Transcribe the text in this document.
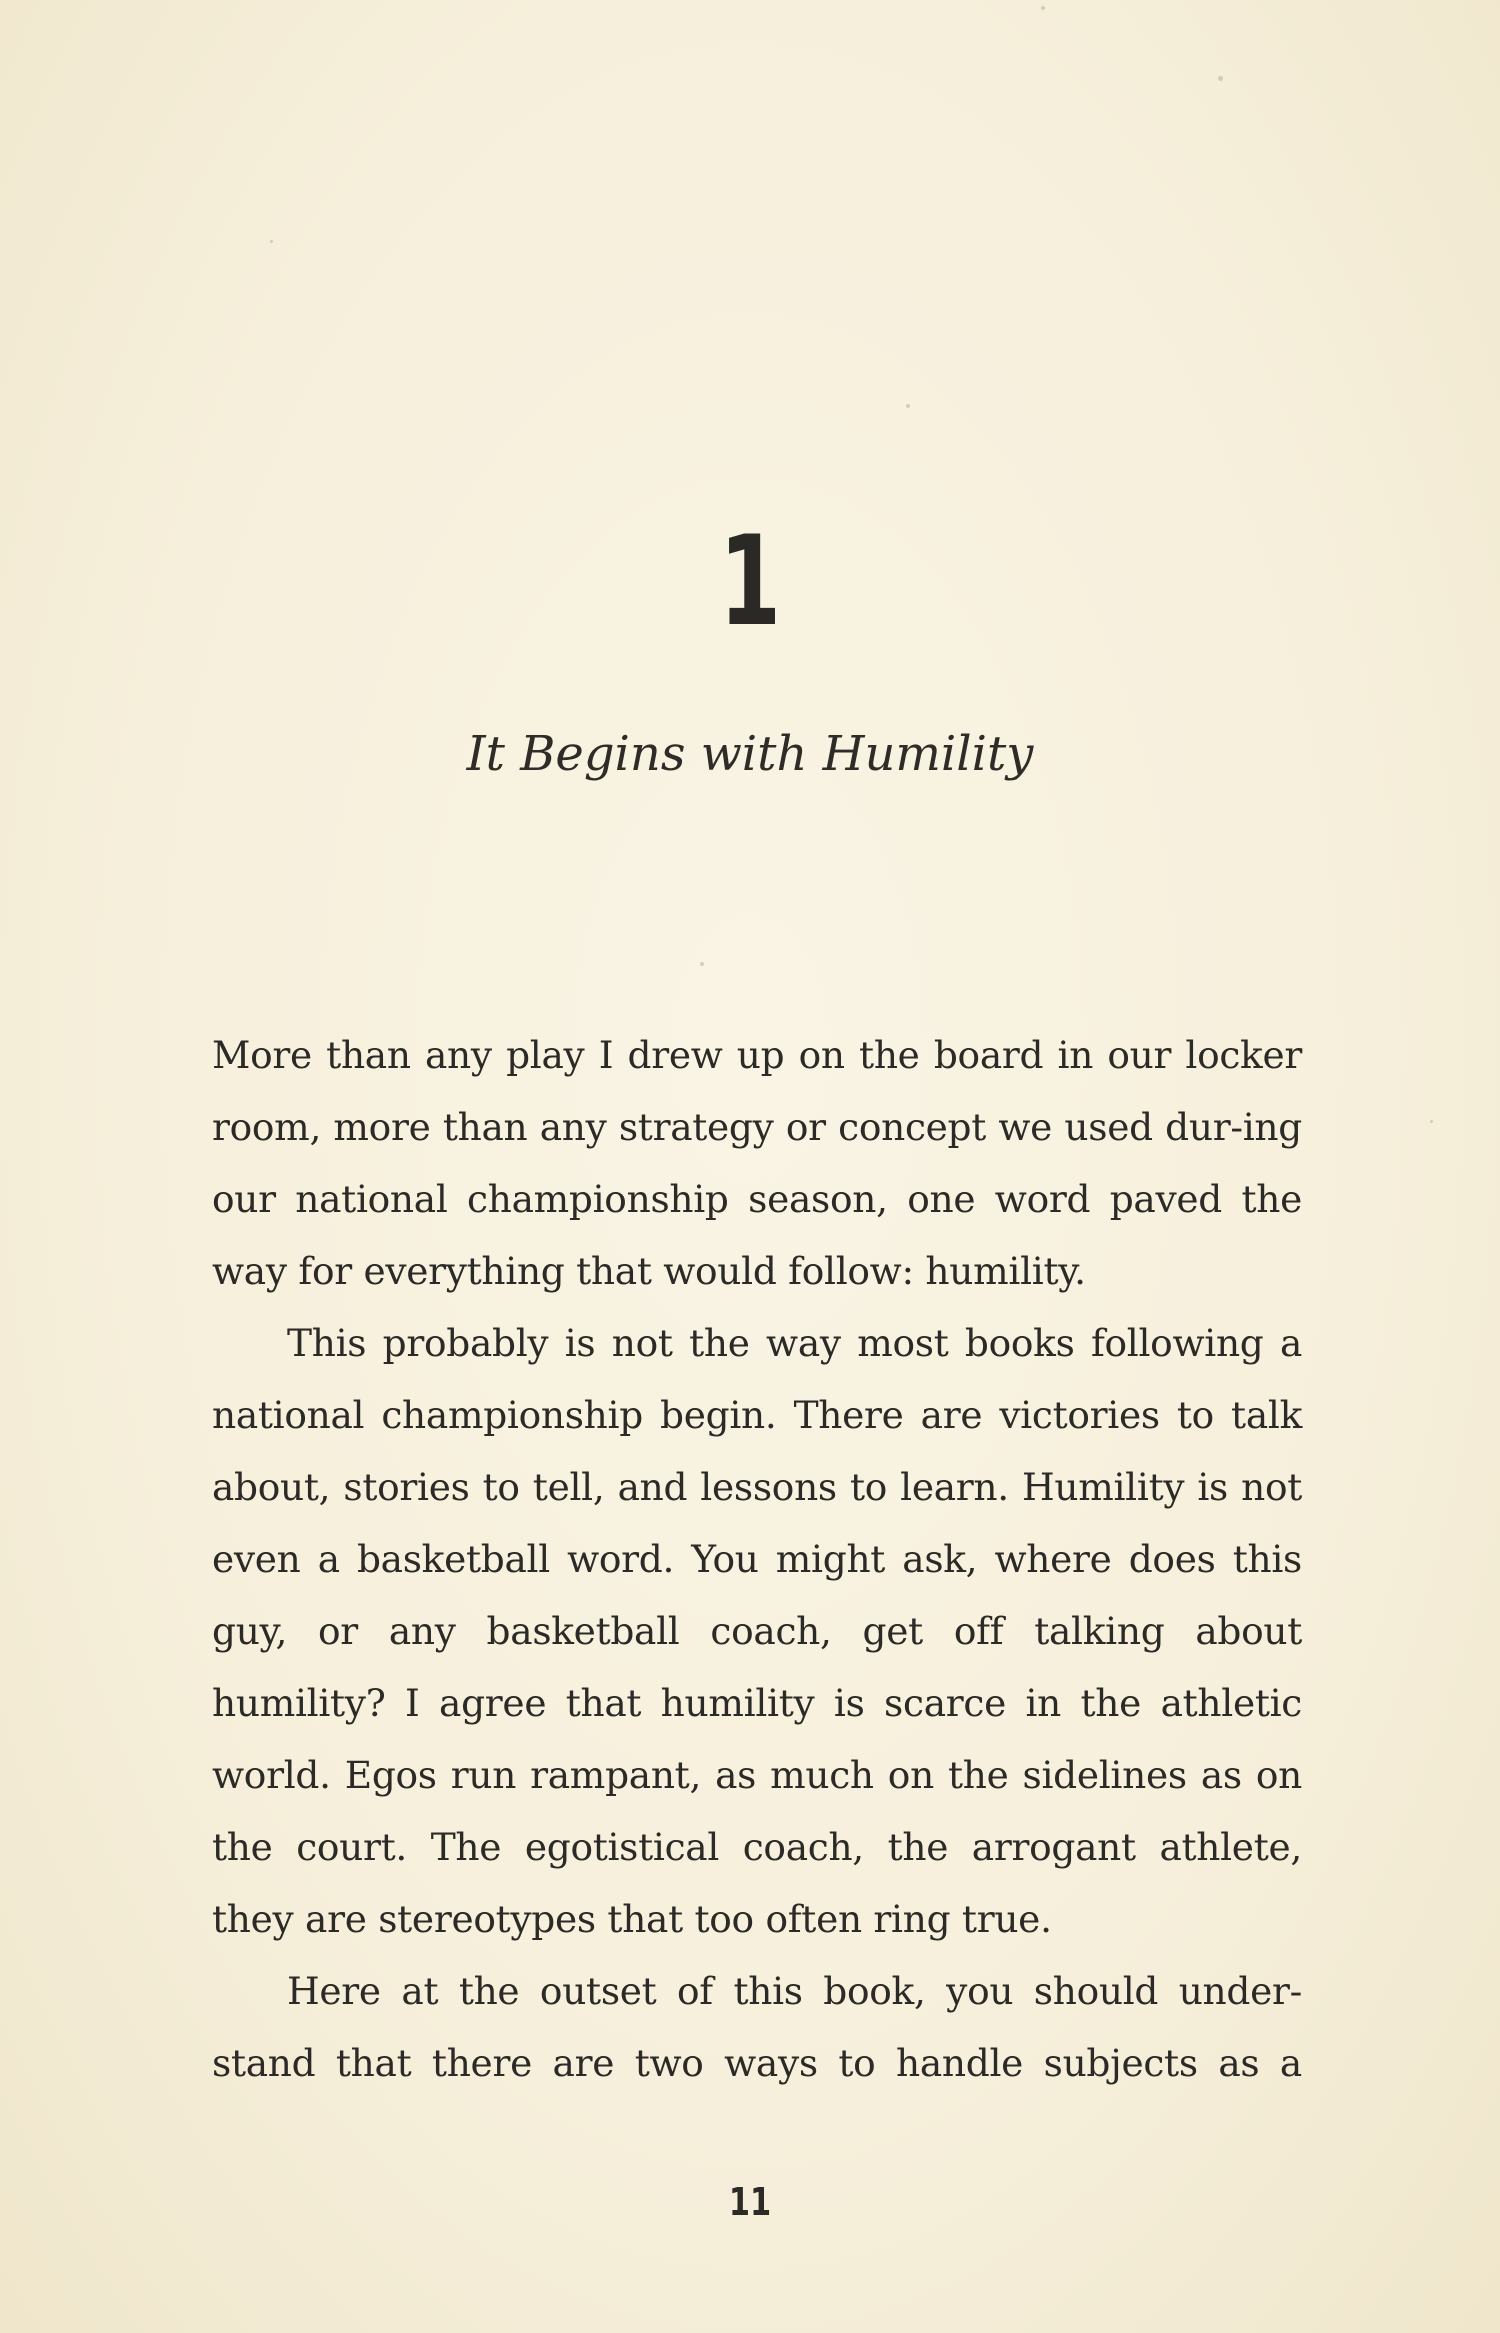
1
It Begins with Humility

More than any play I drew up on the board in our locker room, more than any strategy or concept we used dur-ing our national championship season, one word paved the way for everything that would follow: humility.

This probably is not the way most books following a national championship begin. There are victories to talk about, stories to tell, and lessons to learn. Humility is not even a basketball word. You might ask, where does this guy, or any basketball coach, get off talking about humility? I agree that humility is scarce in the athletic world. Egos run rampant, as much on the sidelines as on the court. The egotistical coach, the arrogant athlete, they are stereotypes that too often ring true.

Here at the outset of this book, you should under-stand that there are two ways to handle subjects as a

11
